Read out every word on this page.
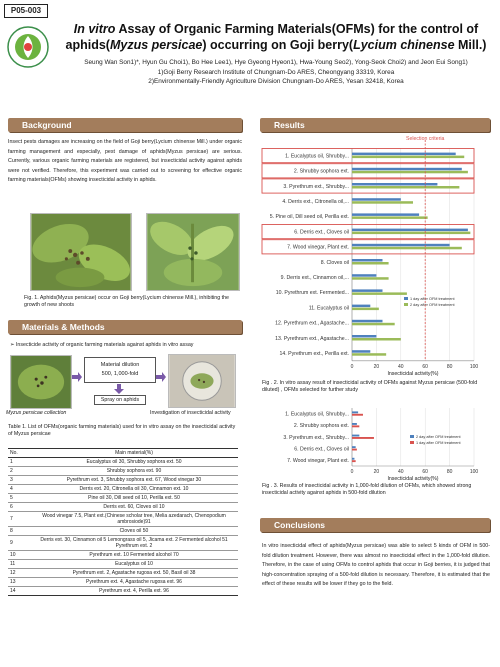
P05-003
In vitro Assay of Organic Farming Materials(OFMs) for the control of aphids(Myzus persicae) occurring on Goji berry(Lycium chinense Mill.)
Seung Wan Son1)*, Hyun Gu Choi1), Bo Hee Lee1), Hye Gyeong Hyeon1), Hwa-Young Seo2), Yong-Seok Choi2) and Jeon Eui Song1)
1)Goji Berry Research Institute of Chungnam-Do ARES, Cheongyang 33319, Korea
2)Environmentally-Friendly Agriculture Division Chungnam-Do ARES, Yesan 32418, Korea
Background
Insect pests damages are increasing on the field of Goji berry(Lycium chinense Mill.) under organic farming management and especially, pest damage of aphids(Myzus persicae) are serious. Currently, various organic farming materials are registered, but insecticidal activity against aphids were not verified. Therefore, this experiment was carried out to screening for effective organic farming materials(OFMs) showing insecticidal activity in aphids.
Fig. 1. Aphids(Myzus persicae) occur on Goji berry(Lycium chinense Mill.), inhibiting the growth of new shoots
Materials & Methods
➢ Insecticide activity of organic farming materials against aphids in vitro assay
Material dilution
500, 1,000-fold
Spray on aphids
Myzus persicae collection	Investigation of insecticidal activity
Table 1. List of OFMs(organic farming materials) used for in vitro assay on the insecticidal activity of Myzus persicae
No.	Main material(%)
1	Eucalyptus oil 30, Shrubby sophora ext. 50
2	Shrubby sophora ext. 90
3	Pyrethrum ext. 3, Shrubby sophora ext. 67, Wood vinegar 30
4	Derris ext. 20, Citronella oil 30, Cinnamon ext. 10
5	Pine oil 30, Dill seed oil 10, Perilla ext. 50
6	Derris ext. 60, Cloves oil 10
7	Wood vinegar 7.5, Plant ext.(Chinese scholar tree, Melia azedarach, Chenopodium ambrosiode)91
8	Cloves oil 50
9	Derris ext. 30, Cinnamon oil 5 Lemongrass oil 5, Jicama ext. 2 Fermented alcohol 51 Pyrethrum ext. 2
10	Pyrethrum ext. 10 Fermented alcohol 70
11	Eucalyptus oil 10
12	Pyrethrum ext. 2, Agastache rugosa ext. 50, Basil oil 38
13	Pyrethrum ext. 4, Agastache rugosa ext. 96
14	Pyrethrum ext. 4, Perilla ext. 96
Results
0	20	40	60	80	100
Insecticidal activity(%)
1. Eucalyptus oil, Shrubby...
2. Shrubby sophora ext.
3. Pyrethrum ext., Shrubby...
4. Derris ext., Citronella oil,...
5. Pine oil, Dill seed oil, Perilla ext.
6. Derris ext., Cloves oil
7. Wood vinegar, Plant ext.
8. Cloves oil
9. Derris ext., Cinnamon oil,...
10. Pyrethrum ext. Fermented...
11. Eucalyptus oil
12. Pyrethrum ext., Agastache...
13. Pyrethrum ext., Agastache...
14. Pyrethrum ext., Perilla ext.
1 day after OFM treatment
2 day after OFM treatment
Selection criteria
Fig . 2. In vitro assay result of insecticidal activity of OFMs against Myzus persicae (500-fold diluted) , OFMs selected for further study
0	20	40	60	80	100
Insecticidal activity(%)
1. Eucalyptus oil, Shrubby...
2. Shrubby sophora ext.
3. Pyrethrum ext., Shrubby...
6. Derris ext., Cloves oil
7. Wood vinegar, Plant ext.
2 day after OFM treatment
1 day after OFM treatment
Fig . 3. Results of insecticidal activity in 1,000-fold dilution of OFMs, which showed strong insecticidal activity against aphids in 500-fold dilution
Conclusions
In vitro insecticidal effect of aphids(Myzus persicae) was able to select 5 kinds of OFM in 500-fold dilution treatment. However, there was almost no insecticidal effect in the 1,000-fold dilution. Therefore, in the case of using OFMs to control aphids that occur in Goji berries, it is judged that high-concentration spraying of a 500-fold dilution is necessary. Therefore, it is estimated that the effect of these results will be lower if they go to the field.
